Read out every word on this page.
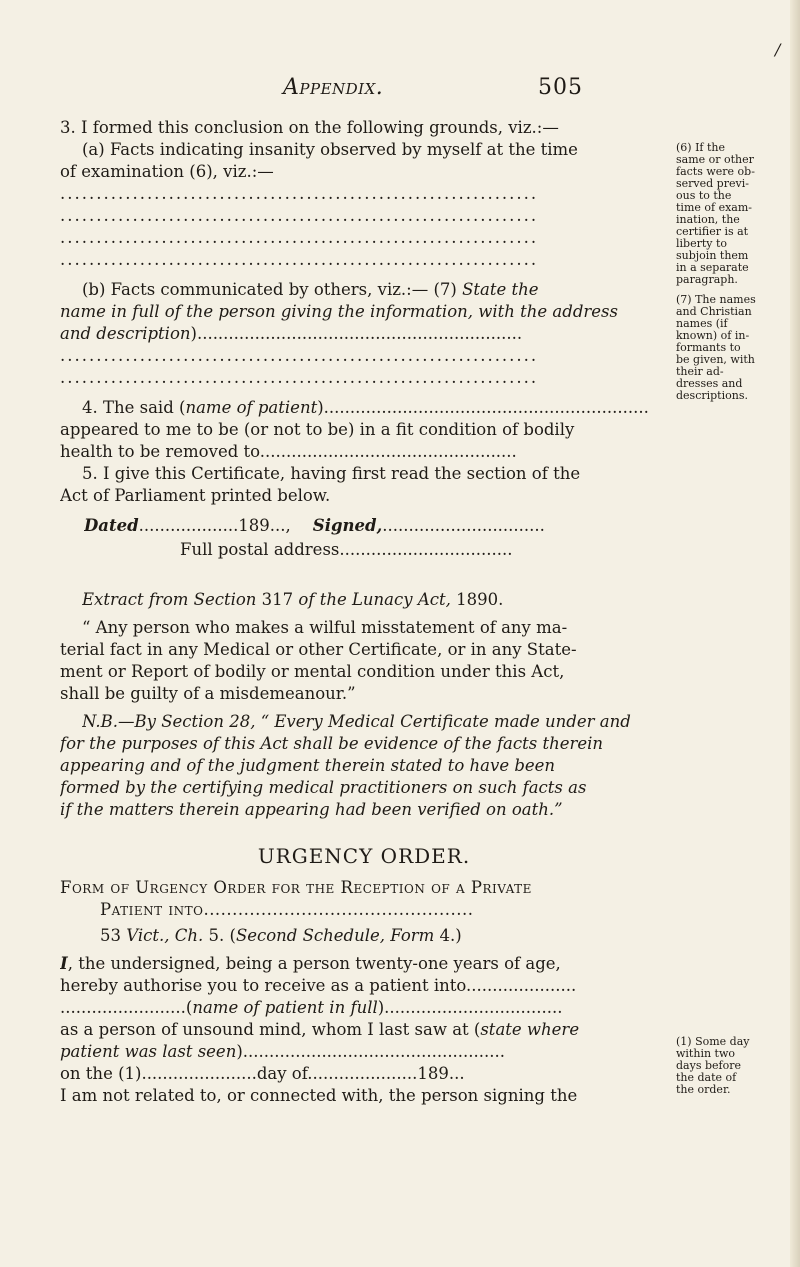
/
Appendix.	505
3. I formed this conclusion on the following grounds, viz.:—
(a) Facts indicating insanity observed by myself at the time
of examination (6), viz.:—
..................................................................
..................................................................
..................................................................
..................................................................
(b) Facts communicated by others, viz.:— (7) State the
name in full of the person giving the information, with the address
and description)..............................................................
..................................................................
..................................................................
4. The said (name of patient)..............................................................
appeared to me to be (or not to be) in a fit condition of bodily
health to be removed to.................................................
5. I give this Certificate, having first read the section of the
Act of Parliament printed below.
Dated...................189..., Signed,...............................
Full postal address.................................
Extract from Section 317 of the Lunacy Act, 1890.
“ Any person who makes a wilful misstatement of any ma-
terial fact in any Medical or other Certificate, or in any State-
ment or Report of bodily or mental condition under this Act,
shall be guilty of a misdemeanour.”
N.B.—By Section 28, “ Every Medical Certificate made under and
for the purposes of this Act shall be evidence of the facts therein
appearing and of the judgment therein stated to have been
formed by the certifying medical practitioners on such facts as
if the matters therein appearing had been verified on oath.”
URGENCY ORDER.
Form of Urgency Order for the Reception of a Private
Patient into...............................................
53 Vict., Ch. 5. (Second Schedule, Form 4.)
I, the undersigned, being a person twenty-one years of age,
hereby authorise you to receive as a patient into.....................
........................(name of patient in full)..................................
as a person of unsound mind, whom I last saw at (state where
patient was last seen)..................................................
on the (1)......................day of.....................189...
I am not related to, or connected with, the person signing the
(6) If the
same or other
facts were ob-
served previ-
ous to the
time of exam-
ination, the
certifier is at
liberty to
subjoin them
in a separate
paragraph.
(7) The names
and Christian
names (if
known) of in-
formants to
be given, with
their ad-
dresses and
descriptions.
(1) Some day
within two
days before
the date of
the order.
